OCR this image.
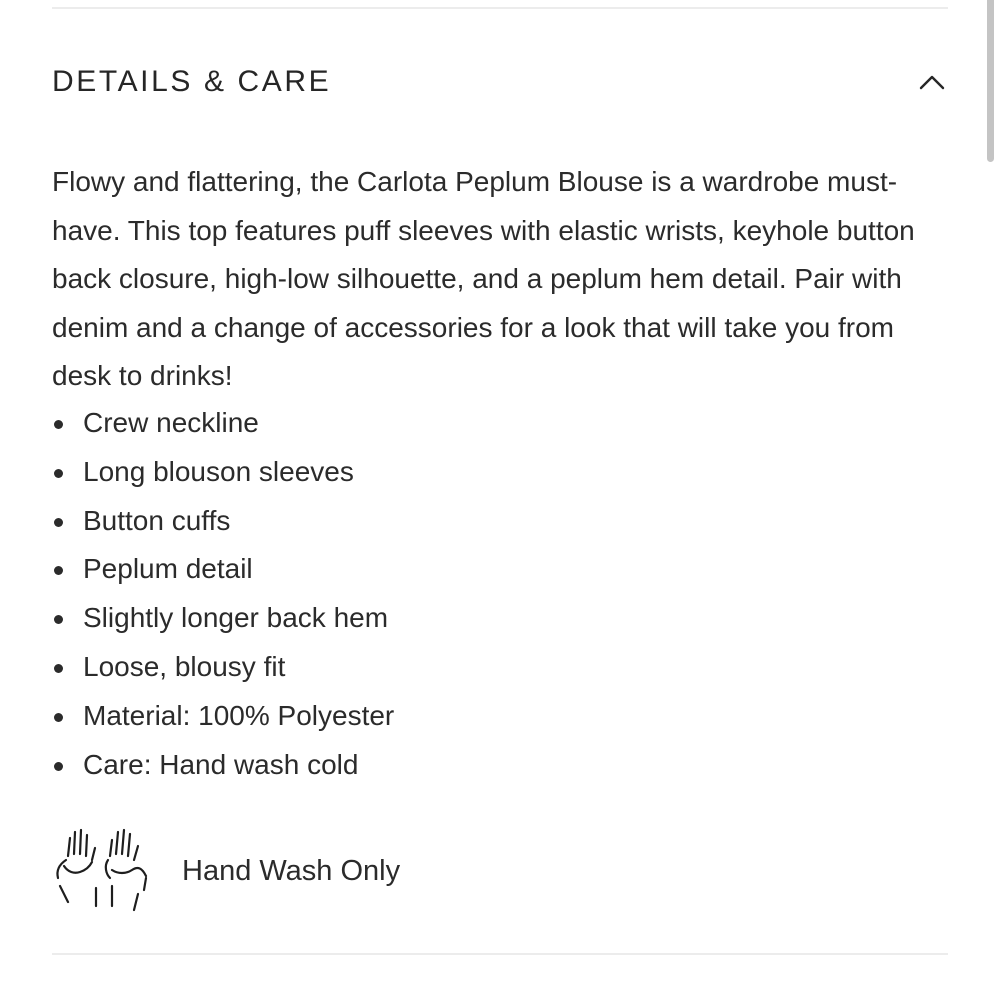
DETAILS & CARE

Flowy and flattering, the Carlota Peplum Blouse is a wardrobe must-have. This top features puff sleeves with elastic wrists, keyhole button back closure, high-low silhouette, and a peplum hem detail. Pair with denim and a change of accessories for a look that will take you from desk to drinks!

Crew neckline
Long blouson sleeves
Button cuffs
Peplum detail
Slightly longer back hem
Loose, blousy fit
Material: 100% Polyester
Care: Hand wash cold
Hand Wash Only
